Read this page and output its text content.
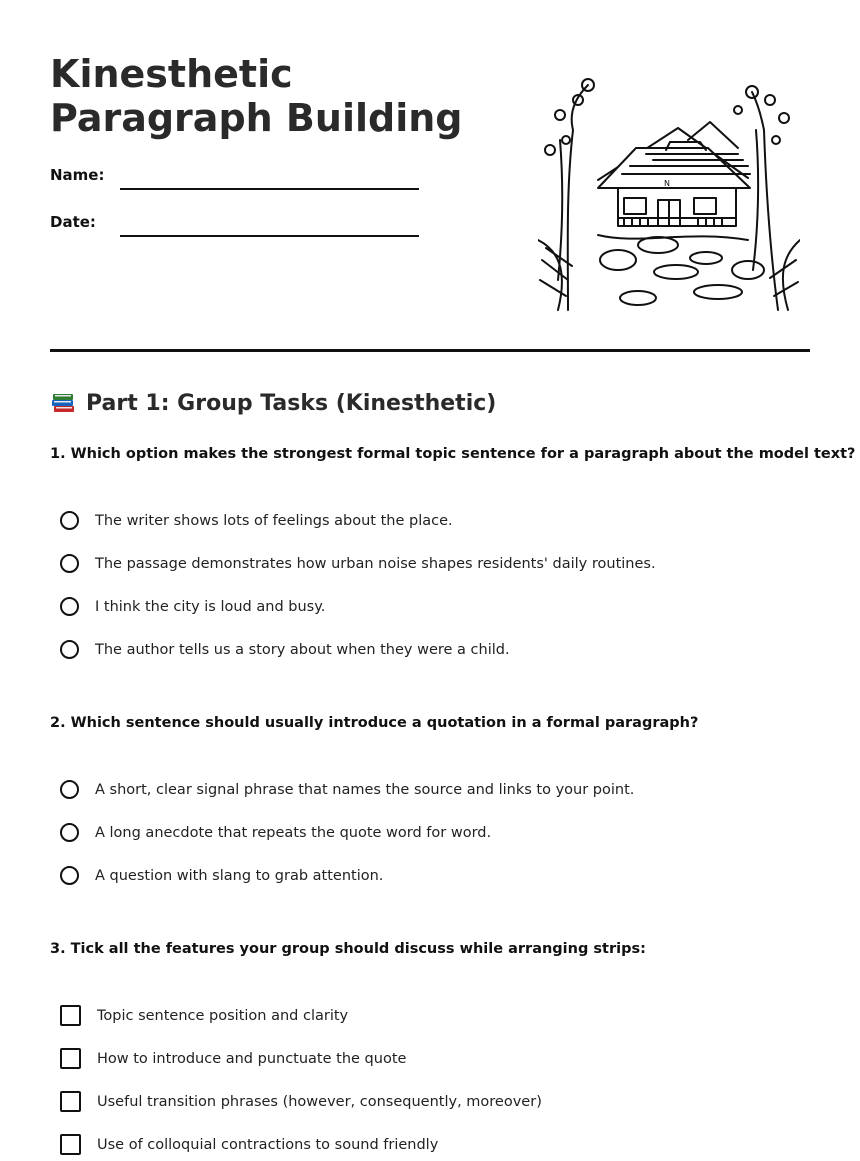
Kinesthetic Paragraph Building
Name:
Date:
N
Part 1: Group Tasks (Kinesthetic)

1. Which option makes the strongest formal topic sentence for a paragraph about the model text?

The writer shows lots of feelings about the place.
The passage demonstrates how urban noise shapes residents' daily routines.
I think the city is loud and busy.
The author tells us a story about when they were a child.

2. Which sentence should usually introduce a quotation in a formal paragraph?

A short, clear signal phrase that names the source and links to your point.
A long anecdote that repeats the quote word for word.
A question with slang to grab attention.

3. Tick all the features your group should discuss while arranging strips:

Topic sentence position and clarity
How to introduce and punctuate the quote
Useful transition phrases (however, consequently, moreover)
Use of colloquial contractions to sound friendly
